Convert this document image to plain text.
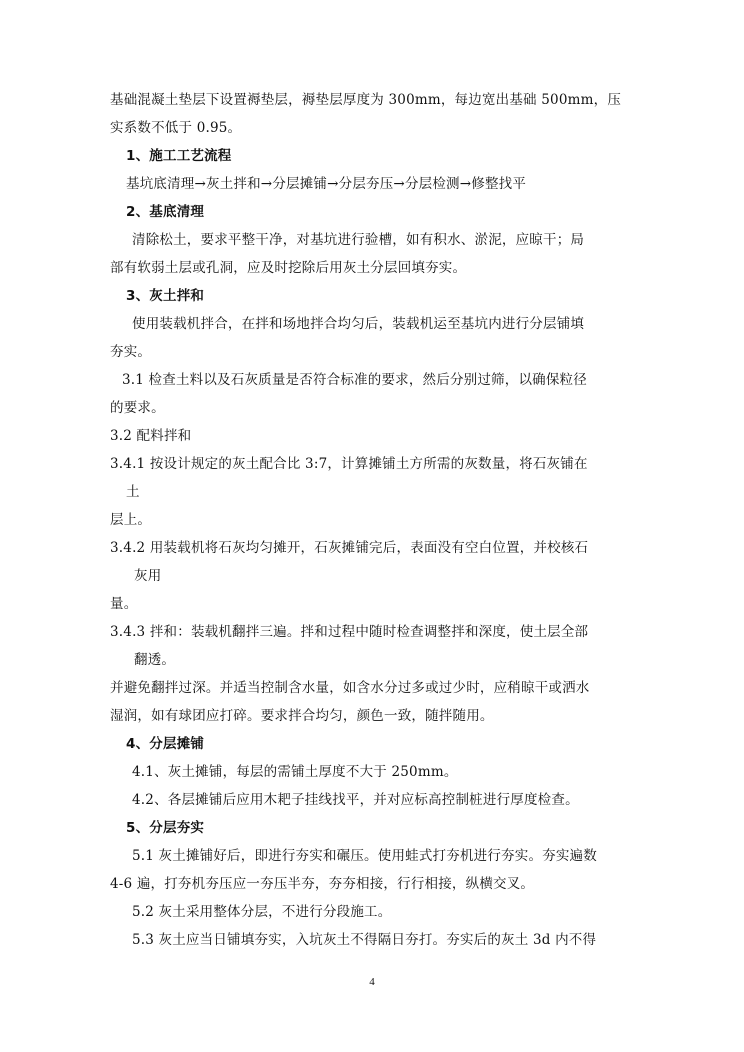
基础混凝土垫层下设置褥垫层，褥垫层厚度为 300mm，每边宽出基础 500mm，压
实系数不低于 0.95。
1、施工工艺流程
基坑底清理→灰土拌和→分层摊铺→分层夯压→分层检测→修整找平
2、基底清理
清除松土，要求平整干净，对基坑进行验槽，如有积水、淤泥，应晾干；局
部有软弱土层或孔洞，应及时挖除后用灰土分层回填夯实。
3、灰土拌和
使用装载机拌合，在拌和场地拌合均匀后，装载机运至基坑内进行分层铺填
夯实。
3.1 检查土料以及石灰质量是否符合标准的要求，然后分别过筛，以确保粒径
的要求。
3.2 配料拌和
3.4.1 按设计规定的灰土配合比 3:7，计算摊铺土方所需的灰数量，将石灰铺在
土
层上。
3.4.2 用装载机将石灰均匀摊开，石灰摊铺完后，表面没有空白位置，并校核石
灰用
量。
3.4.3 拌和：装载机翻拌三遍。拌和过程中随时检查调整拌和深度，使土层全部
翻透。
并避免翻拌过深。并适当控制含水量，如含水分过多或过少时，应稍晾干或洒水
湿润，如有球团应打碎。要求拌合均匀，颜色一致，随拌随用。
4、分层摊铺
4.1、灰土摊铺，每层的需铺土厚度不大于 250mm。
4.2、各层摊铺后应用木耙子挂线找平，并对应标高控制桩进行厚度检查。
5、分层夯实
5.1 灰土摊铺好后，即进行夯实和碾压。使用蛙式打夯机进行夯实。夯实遍数
4-6 遍，打夯机夯压应一夯压半夯，夯夯相接，行行相接，纵横交叉。
5.2 灰土采用整体分层，不进行分段施工。
5.3 灰土应当日铺填夯实，入坑灰土不得隔日夯打。夯实后的灰土 3d 内不得
4
